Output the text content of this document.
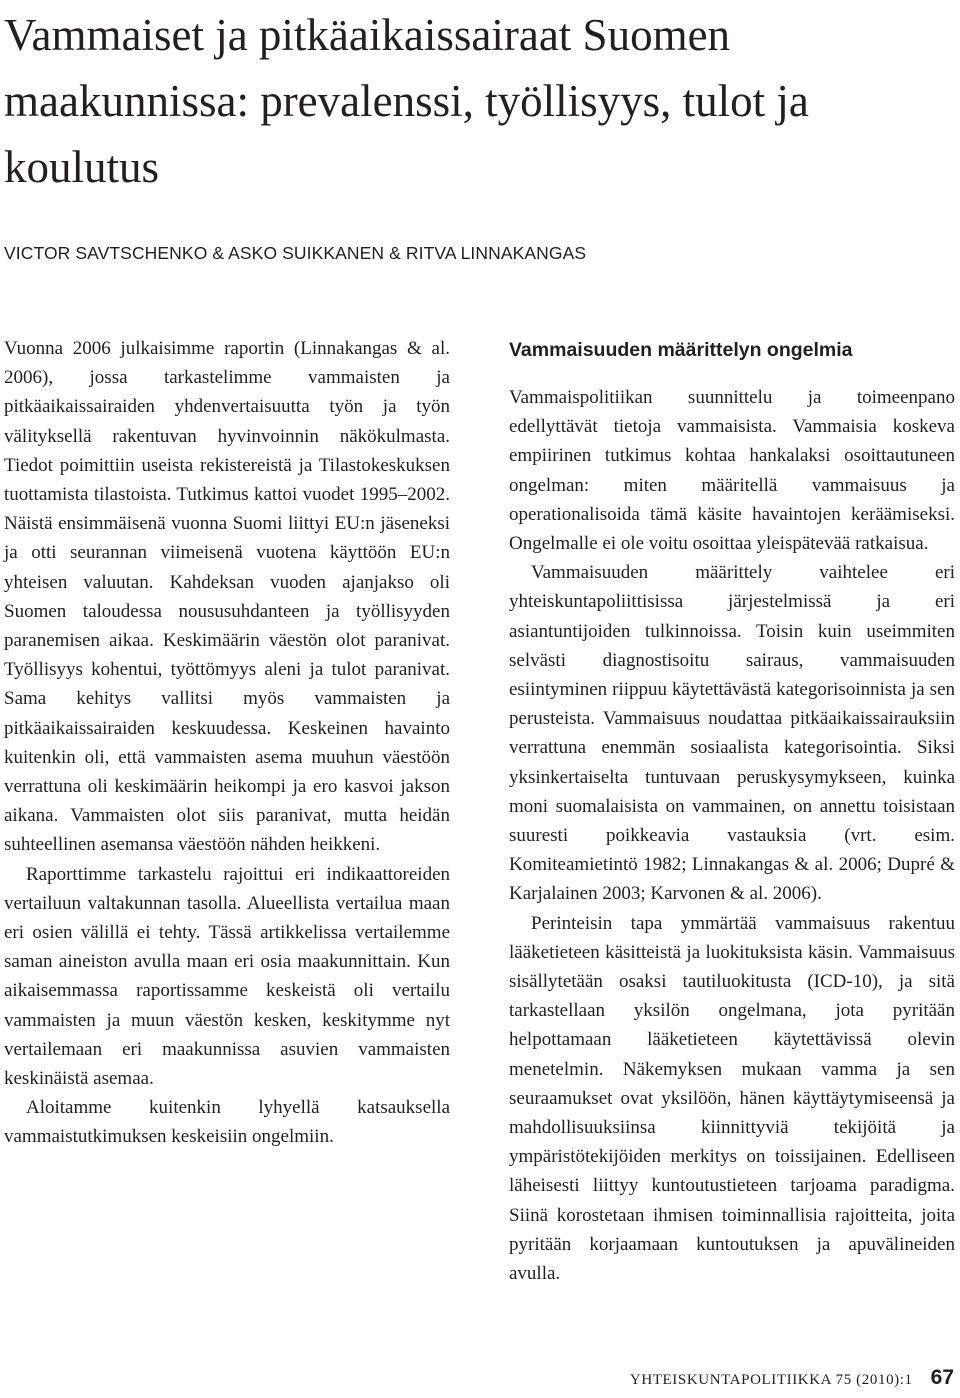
Vammaiset ja pitkäaikaissairaat Suomen maakunnissa: prevalenssi, työllisyys, tulot ja koulutus

VICTOR SAVTSCHENKO & ASKO SUIKKANEN & RITVA LINNAKANGAS

Vuonna 2006 julkaisimme raportin (Linnakangas & al. 2006), jossa tarkastelimme vammaisten ja pitkäaikaissairaiden yhdenvertaisuutta työn ja työn välityksellä rakentuvan hyvinvoinnin näkökulmasta. Tiedot poimittiin useista rekistereistä ja Tilastokeskuksen tuottamista tilastoista. Tutkimus kattoi vuodet 1995–2002. Näistä ensimmäisenä vuonna Suomi liittyi EU:n jäseneksi ja otti seurannan viimeisenä vuotena käyttöön EU:n yhteisen valuutan. Kahdeksan vuoden ajanjakso oli Suomen taloudessa noususuhdanteen ja työllisyyden paranemisen aikaa. Keskimäärin väestön olot paranivat. Työllisyys kohentui, työttömyys aleni ja tulot paranivat. Sama kehitys vallitsi myös vammaisten ja pitkäaikaissairaiden keskuudessa. Keskeinen havainto kuitenkin oli, että vammaisten asema muuhun väestöön verrattuna oli keskimäärin heikompi ja ero kasvoi jakson aikana. Vammaisten olot siis paranivat, mutta heidän suhteellinen asemansa väestöön nähden heikkeni.

Raporttimme tarkastelu rajoittui eri indikaattoreiden vertailuun valtakunnan tasolla. Alueellista vertailua maan eri osien välillä ei tehty. Tässä artikkelissa vertailemme saman aineiston avulla maan eri osia maakunnittain. Kun aikaisemmassa raportissamme keskeistä oli vertailu vammaisten ja muun väestön kesken, keskitymme nyt vertailemaan eri maakunnissa asuvien vammaisten keskinäistä asemaa.

Aloitamme kuitenkin lyhyellä katsauksella vammaistutkimuksen keskeisiin ongelmiin.

Vammaisuuden määrittelyn ongelmia

Vammaispolitiikan suunnittelu ja toimeenpano edellyttävät tietoja vammaisista. Vammaisia koskeva empiirinen tutkimus kohtaa hankalaksi osoittautuneen ongelman: miten määritellä vammaisuus ja operationalisoida tämä käsite havaintojen keräämiseksi. Ongelmalle ei ole voitu osoittaa yleispätevää ratkaisua.

Vammaisuuden määrittely vaihtelee eri yhteiskuntapoliittisissa järjestelmissä ja eri asiantuntijoiden tulkinnoissa. Toisin kuin useimmiten selvästi diagnostisoitu sairaus, vammaisuuden esiintyminen riippuu käytettävästä kategorisoinnista ja sen perusteista. Vammaisuus noudattaa pitkäaikaissairauksiin verrattuna enemmän sosiaalista kategorisointia. Siksi yksinkertaiselta tuntuvaan peruskysymykseen, kuinka moni suomalaisista on vammainen, on annettu toisistaan suuresti poikkeavia vastauksia (vrt. esim. Komiteamietintö 1982; Linnakangas & al. 2006; Dupré & Karjalainen 2003; Karvonen & al. 2006).

Perinteisin tapa ymmärtää vammaisuus rakentuu lääketieteen käsitteistä ja luokituksista käsin. Vammaisuus sisällytetään osaksi tautiluokitusta (ICD-10), ja sitä tarkastellaan yksilön ongelmana, jota pyritään helpottamaan lääketieteen käytettävissä olevin menetelmin. Näkemyksen mukaan vamma ja sen seuraamukset ovat yksilöön, hänen käyttäytymiseensä ja mahdollisuuksiinsa kiinnittyviä tekijöitä ja ympäristötekijöiden merkitys on toissijainen. Edelliseen läheisesti liittyy kuntoutustieteen tarjoama paradigma. Siinä korostetaan ihmisen toiminnallisia rajoitteita, joita pyritään korjaamaan kuntoutuksen ja apuvälineiden avulla.

YHTEISKUNTAPOLITIIKKA 75 (2010):1 67
